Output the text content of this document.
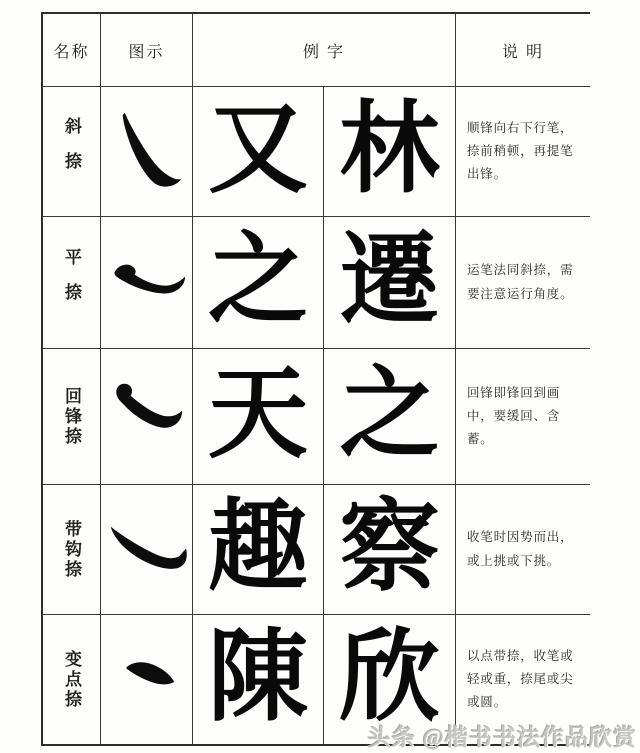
名称 图示	例 字	说 明
斜捺 又 林 顺锋向右下行笔，捺前稍顿，再提笔出锋。
平捺 之 遷 运笔法同斜捺，需要注意运行角度。
回锋捺 天 之 回锋即锋回到画中，要缓回、含蓄。
带钩捺 趣 察 收笔时因势而出，或上挑或下挑。
变点捺 陳 欣 以点带捺，收笔或轻或重，捺尾或尖或圆。
头条 @楷书书法作品欣赏
